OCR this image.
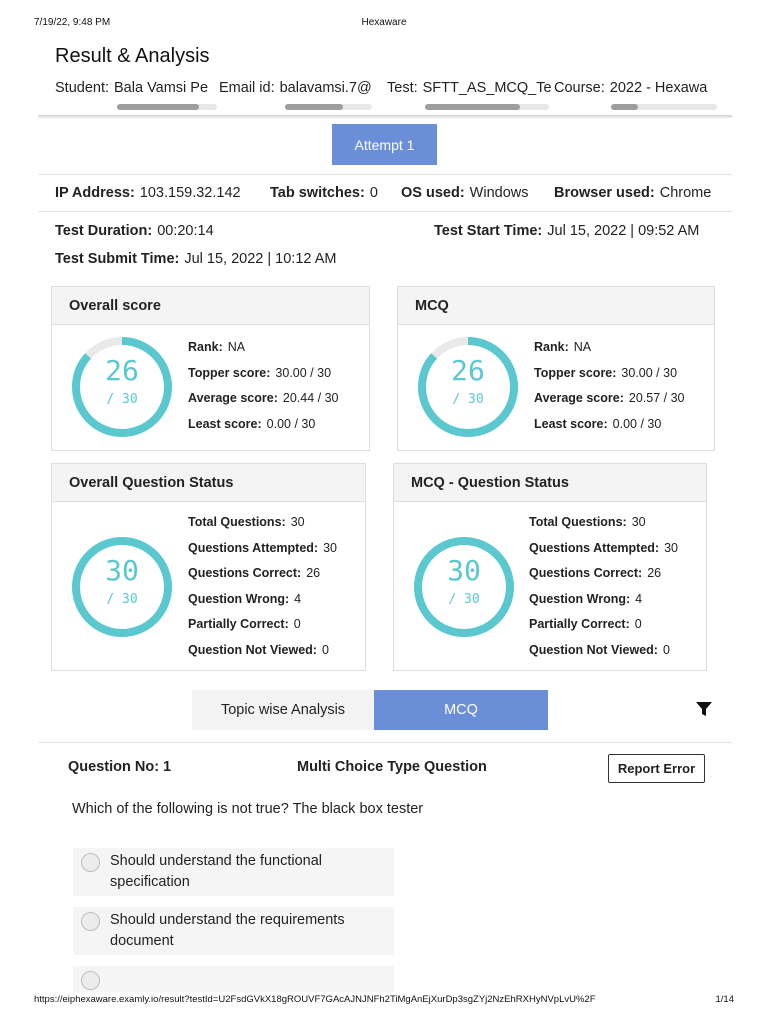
7/19/22, 9:48 PM	Hexaware
Result & Analysis
Student: Bala Vamsi Pe Email id: balavamsi.7@	Test: SFTT_AS_MCQ_Te Course: 2022 - Hexawa
Attempt 1
IP Address: 103.159.32.142 Tab switches: 0 OS used: Windows Browser used: Chrome
Test Duration: 00:20:14	Test Start Time: Jul 15, 2022 | 09:52 AM
Test Submit Time: Jul 15, 2022 | 10:12 AM
Overall score
26
/ 30
Rank: NA
Topper score: 30.00 / 30
Average score: 20.44 / 30
Least score: 0.00 / 30
MCQ
26
/ 30
Rank: NA
Topper score: 30.00 / 30
Average score: 20.57 / 30
Least score: 0.00 / 30
Overall Question Status
30
/ 30
Total Questions: 30
Questions Attempted: 30
Questions Correct: 26
Question Wrong: 4
Partially Correct: 0
Question Not Viewed: 0
MCQ - Question Status
30
/ 30
Total Questions: 30
Questions Attempted: 30
Questions Correct: 26
Question Wrong: 4
Partially Correct: 0
Question Not Viewed: 0
Topic wise Analysis	MCQ
Question No: 1	Multi Choice Type Question	Report Error
Which of the following is not true? The black box tester
Should understand the functional specification
Should understand the requirements document
https://eiphexaware.examly.io/result?testId=U2FsdGVkX18gROUVF7GAcAJNJNFh2TiMgAnEjXurDp3sgZYj2NzEhRXHyNVpLvU%2F	1/14
